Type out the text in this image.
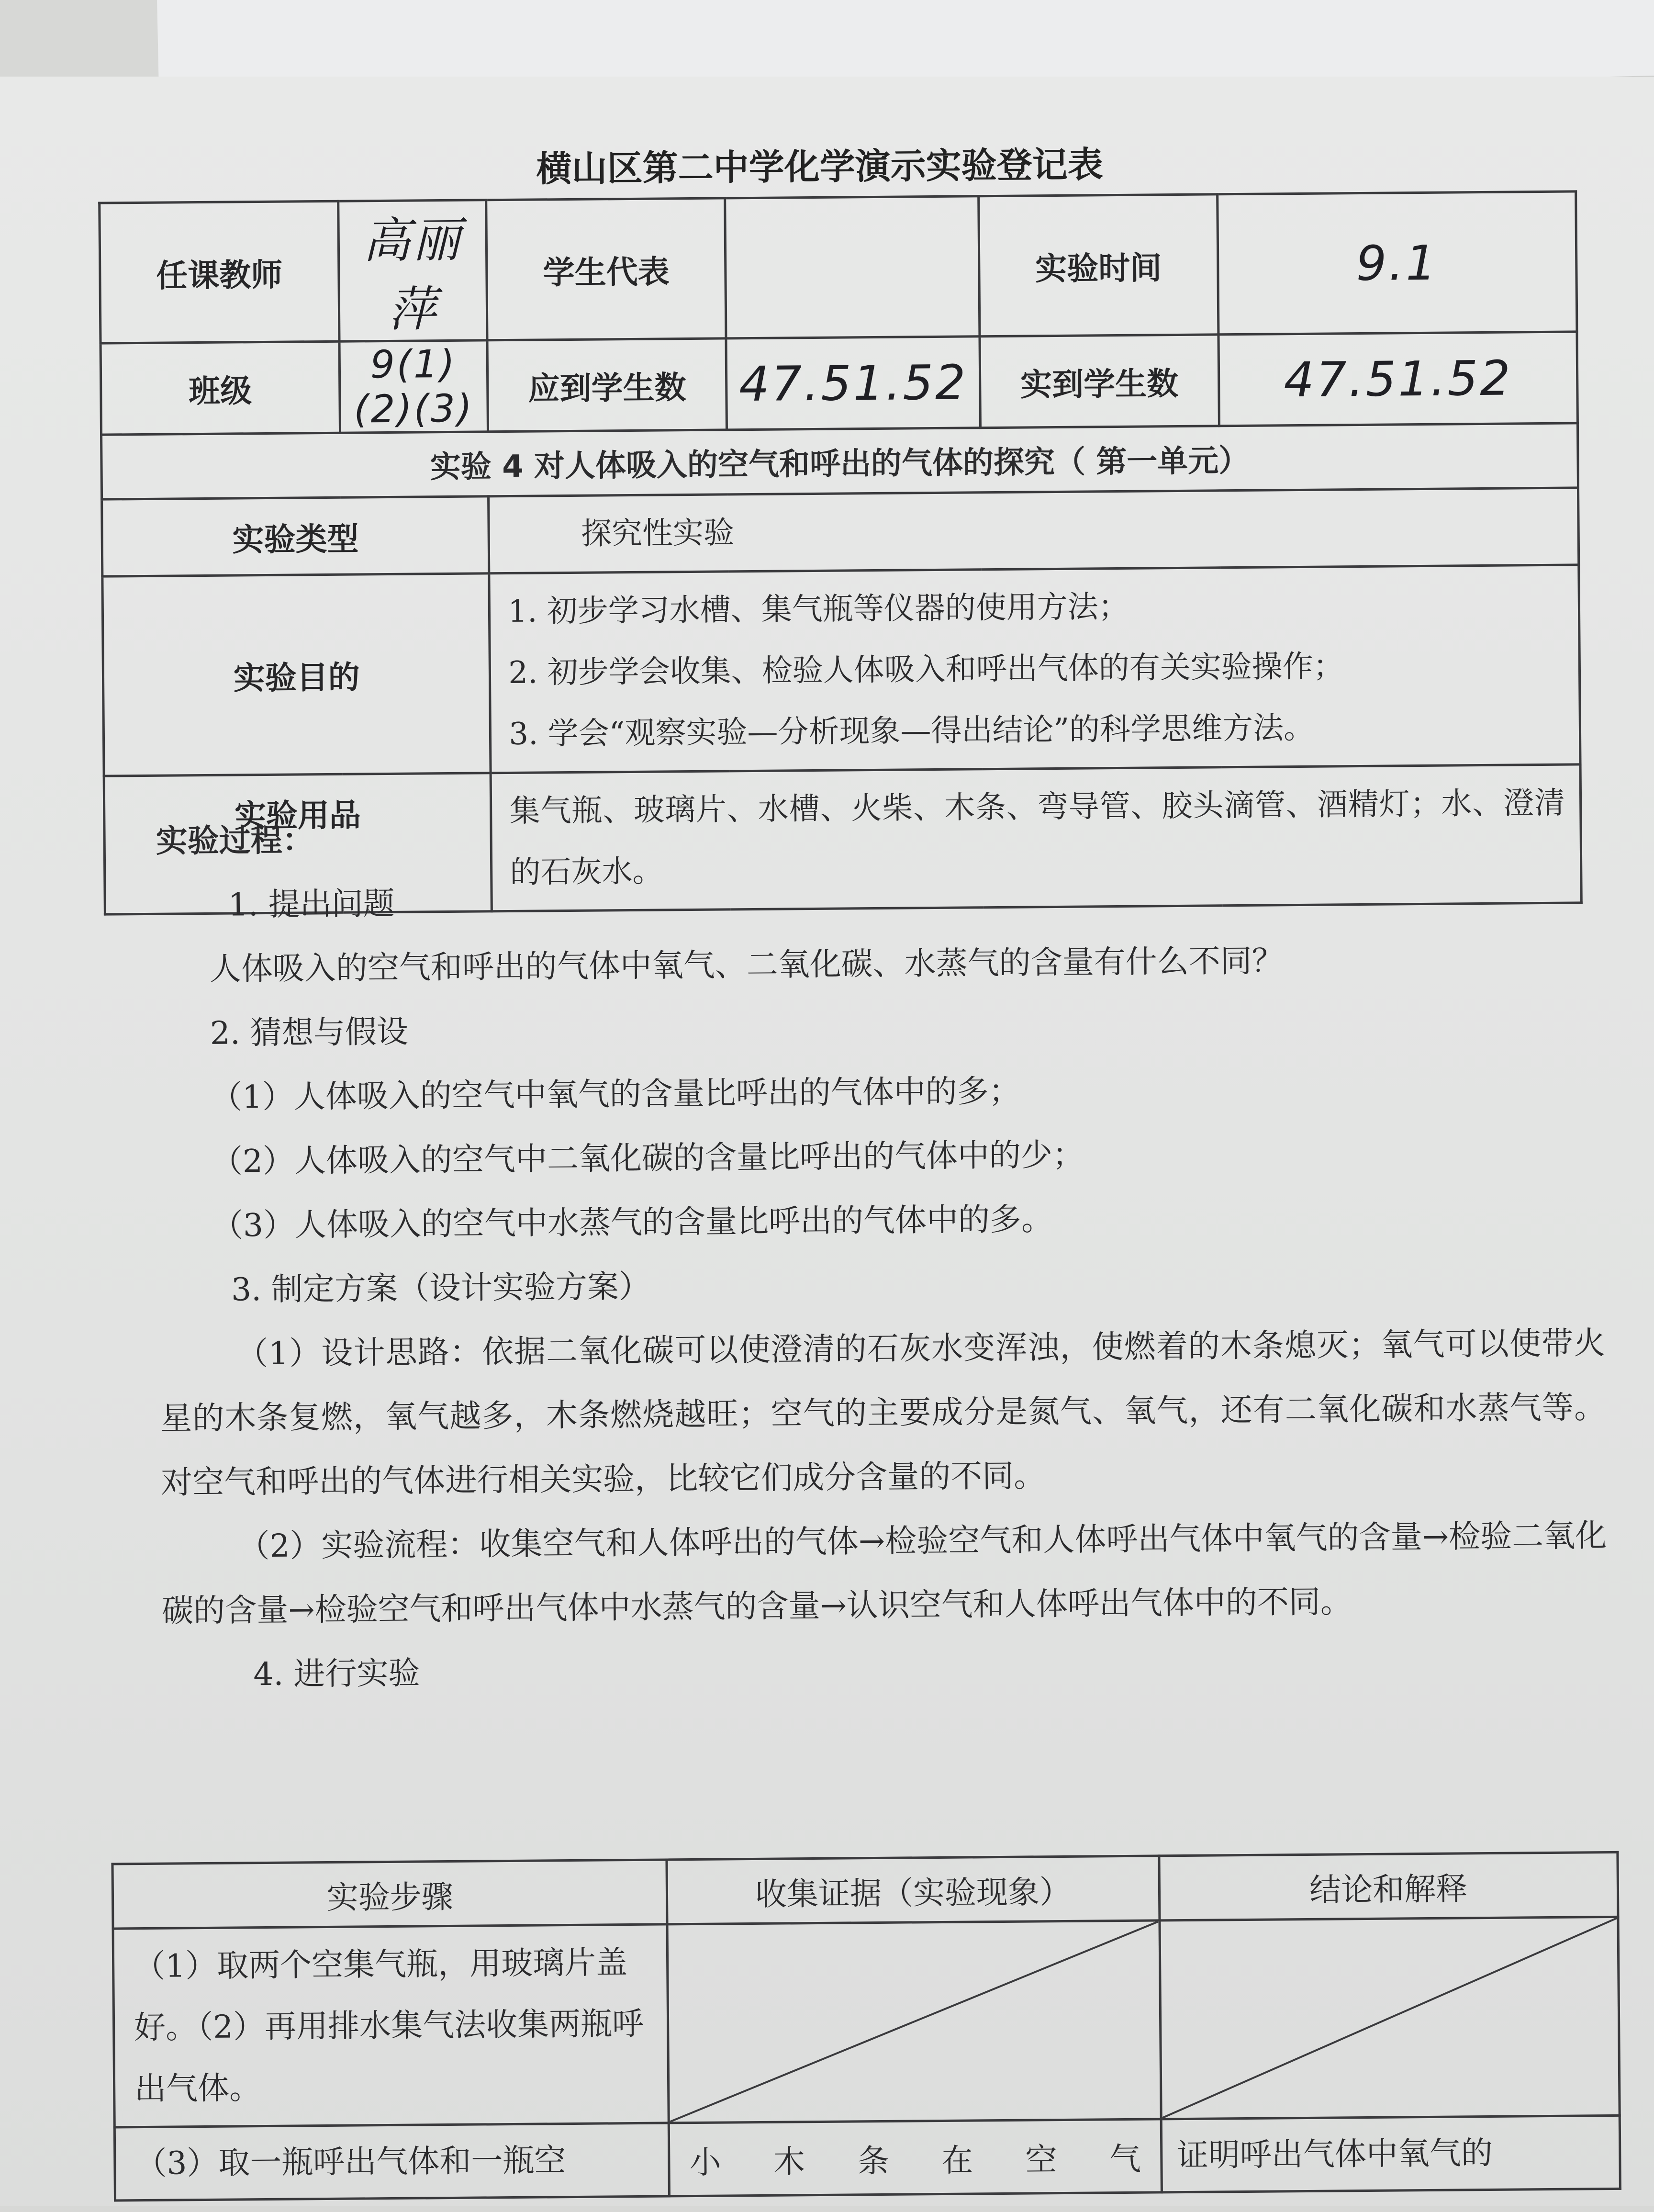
横山区第二中学化学演示实验登记表
任课教师	高丽萍	学生代表		实验时间	9.1
班级	9(1)(2)(3)	应到学生数	47.51.52	实到学生数	47.51.52
实验 4 对人体吸入的空气和呼出的气体的探究（ 第一单元）					
实验类型		探究性实验			
实验目的		1. 初步学习水槽、集气瓶等仪器的使用方法；
2. 初步学会收集、检验人体吸入和呼出气体的有关实验操作；
3. 学会“观察实验—分析现象—得出结论”的科学思维方法。			

实验用品		集气瓶、玻璃片、水槽、火柴、木条、弯导管、胶头滴管、酒精灯；水、澄清的石灰水。			

实验过程：

1. 提出问题

人体吸入的空气和呼出的气体中氧气、二氧化碳、水蒸气的含量有什么不同？

2. 猜想与假设

（1）人体吸入的空气中氧气的含量比呼出的气体中的多；

（2）人体吸入的空气中二氧化碳的含量比呼出的气体中的少；

（3）人体吸入的空气中水蒸气的含量比呼出的气体中的多。

3. 制定方案（设计实验方案）

（1）设计思路：依据二氧化碳可以使澄清的石灰水变浑浊，使燃着的木条熄灭；氧气可以使带火星的木条复燃，氧气越多，木条燃烧越旺；空气的主要成分是氮气、氧气，还有二氧化碳和水蒸气等。对空气和呼出的气体进行相关实验，比较它们成分含量的不同。

（2）实验流程：收集空气和人体呼出的气体→检验空气和人体呼出气体中氧气的含量→检验二氧化碳的含量→检验空气和呼出气体中水蒸气的含量→认识空气和人体呼出气体中的不同。

4. 进行实验

实验步骤	收集证据（实验现象）	结论和解释
（1）取两个空集气瓶，用玻璃片盖好。（2）再用排水集气法收集两瓶呼出气体。	

（3）取一瓶呼出气体和一瓶空	小木条在空气	证明呼出气体中氧气的
